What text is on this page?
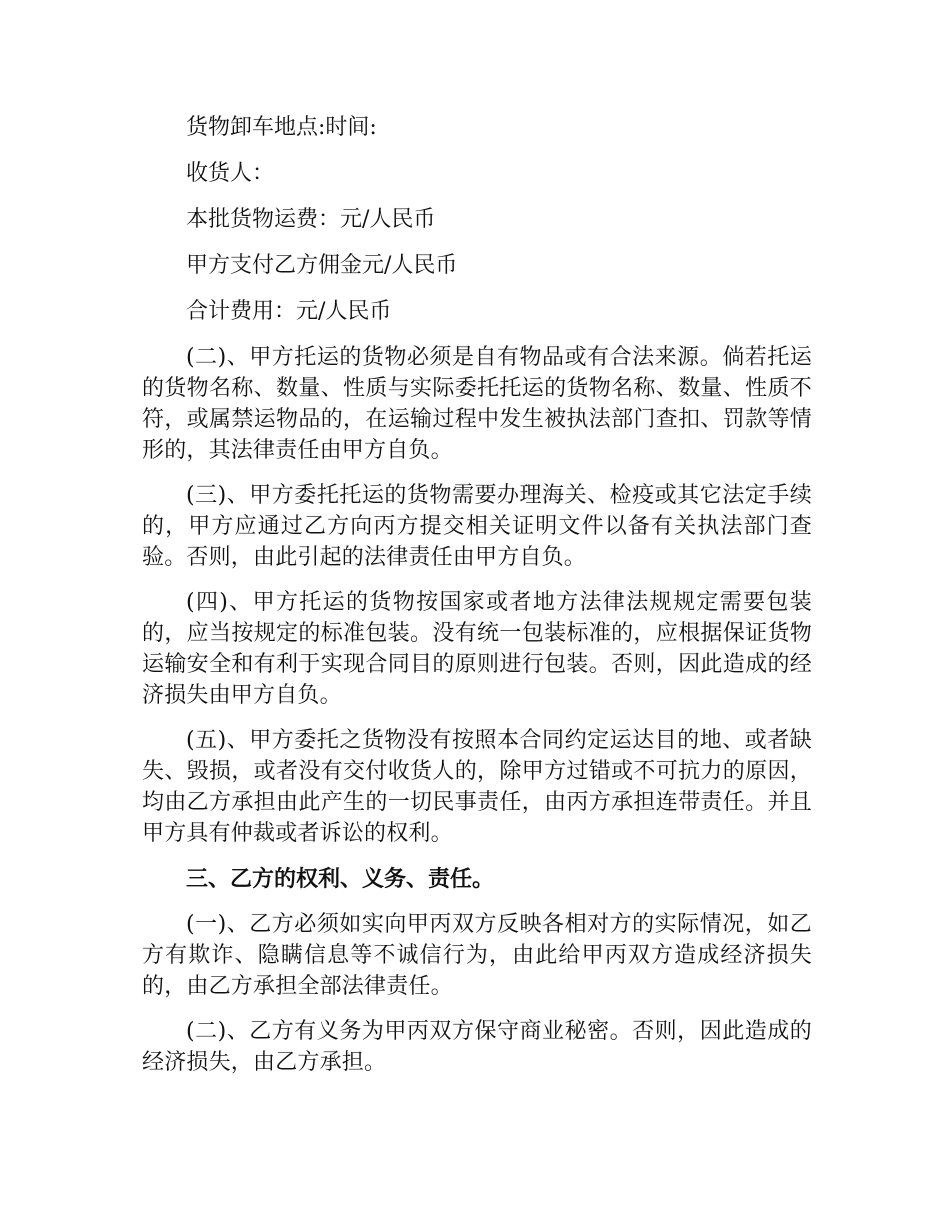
货物卸车地点:时间:

收货人：

本批货物运费：元/人民币

甲方支付乙方佣金元/人民币

合计费用：元/人民币

(二)、甲方托运的货物必须是自有物品或有合法来源。倘若托运的货物名称、数量、性质与实际委托托运的货物名称、数量、性质不符，或属禁运物品的，在运输过程中发生被执法部门查扣、罚款等情形的，其法律责任由甲方自负。

(三)、甲方委托托运的货物需要办理海关、检疫或其它法定手续的，甲方应通过乙方向丙方提交相关证明文件以备有关执法部门查验。否则，由此引起的法律责任由甲方自负。

(四)、甲方托运的货物按国家或者地方法律法规规定需要包装的，应当按规定的标准包装。没有统一包装标准的，应根据保证货物运输安全和有利于实现合同目的原则进行包装。否则，因此造成的经济损失由甲方自负。

(五)、甲方委托之货物没有按照本合同约定运达目的地、或者缺失、毁损，或者没有交付收货人的，除甲方过错或不可抗力的原因，均由乙方承担由此产生的一切民事责任，由丙方承担连带责任。并且甲方具有仲裁或者诉讼的权利。

三、乙方的权利、义务、责任。

(一)、乙方必须如实向甲丙双方反映各相对方的实际情况，如乙方有欺诈、隐瞒信息等不诚信行为，由此给甲丙双方造成经济损失的，由乙方承担全部法律责任。

(二)、乙方有义务为甲丙双方保守商业秘密。否则，因此造成的经济损失，由乙方承担。
